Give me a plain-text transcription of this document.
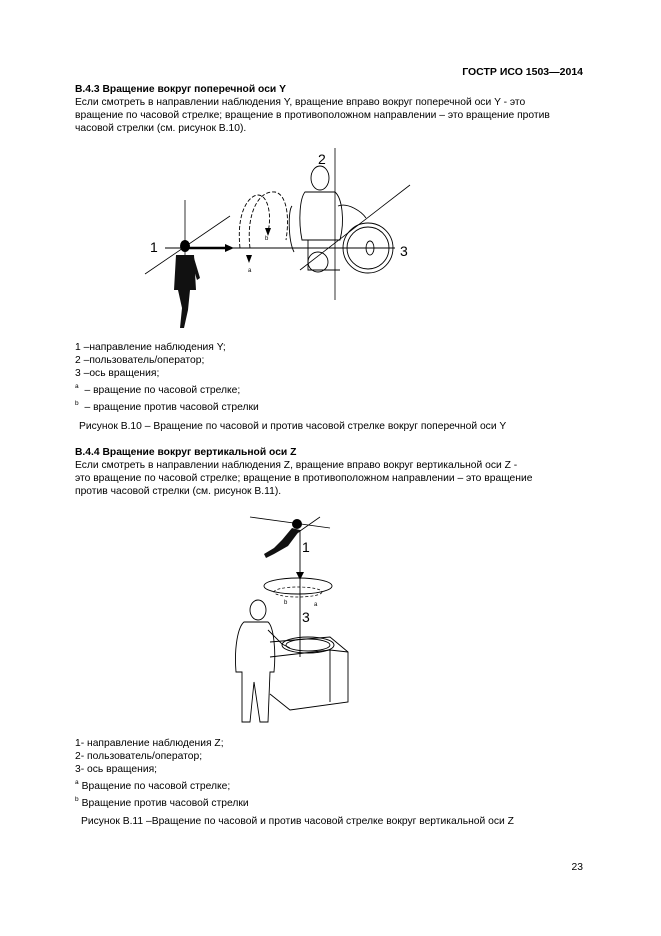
ГОСТР ИСО 1503—2014
В.4.3 Вращение вокруг поперечной оси Y

Если смотреть в направлении наблюдения Y, вращение вправо вокруг поперечной оси Y - это

вращение по часовой стрелке; вращение в противоположном направлении – это вращение против

часовой стрелки (см. рисунок В.10).

1
2
3
a
b
1 –направление наблюдения Y;
2 –пользователь/оператор;
3 –ось вращения;
$^a$ – вращение по часовой стрелке;
$^b$ – вращение против часовой стрелки
Рисунок В.10 – Вращение по часовой и против часовой стрелке вокруг поперечной оси Y
В.4.4 Вращение вокруг вертикальной оси Z

Если смотреть в направлении наблюдения Z, вращение вправо вокруг вертикальной оси Z -

это вращение по часовой стрелке; вращение в противоположном направлении – это вращение

против часовой стрелки (см. рисунок В.11).

1
3
a
b
1- направление наблюдения Z;
2- пользователь/оператор;
3- ось вращения;
$^a$ Вращение по часовой стрелке;
$^b$ Вращение против часовой стрелки
Рисунок В.11 –Вращение по часовой и против часовой стрелке вокруг вертикальной оси Z
23
